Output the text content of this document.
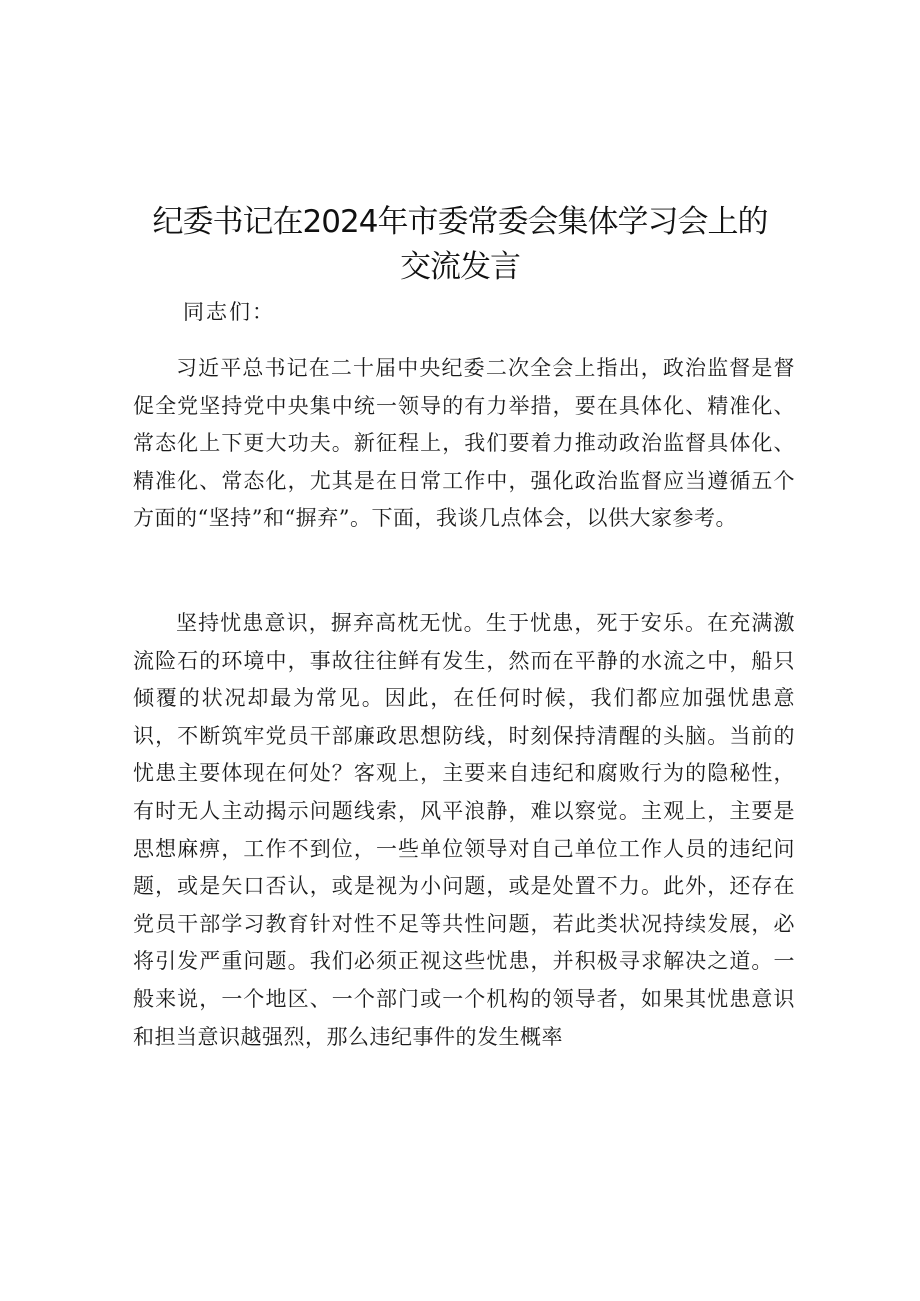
纪委书记在2024年市委常委会集体学习会上的
交流发言
同志们：

习近平总书记在二十届中央纪委二次全会上指出，政治监督是督促全党坚持党中央集中统一领导的有力举措，要在具体化、精准化、常态化上下更大功夫。新征程上，我们要着力推动政治监督具体化、精准化、常态化，尤其是在日常工作中，强化政治监督应当遵循五个方面的“坚持”和“摒弃”。下面，我谈几点体会，以供大家参考。

坚持忧患意识，摒弃高枕无忧。生于忧患，死于安乐。在充满激流险石的环境中，事故往往鲜有发生，然而在平静的水流之中，船只倾覆的状况却最为常见。因此，在任何时候，我们都应加强忧患意识，不断筑牢党员干部廉政思想防线，时刻保持清醒的头脑。当前的忧患主要体现在何处？客观上，主要来自违纪和腐败行为的隐秘性，有时无人主动揭示问题线索，风平浪静，难以察觉。主观上，主要是思想麻痹，工作不到位，一些单位领导对自己单位工作人员的违纪问题，或是矢口否认，或是视为小问题，或是处置不力。此外，还存在党员干部学习教育针对性不足等共性问题，若此类状况持续发展，必将引发严重问题。我们必须正视这些忧患，并积极寻求解决之道。一般来说，一个地区、一个部门或一个机构的领导者，如果其忧患意识和担当意识越强烈，那么违纪事件的发生概率
